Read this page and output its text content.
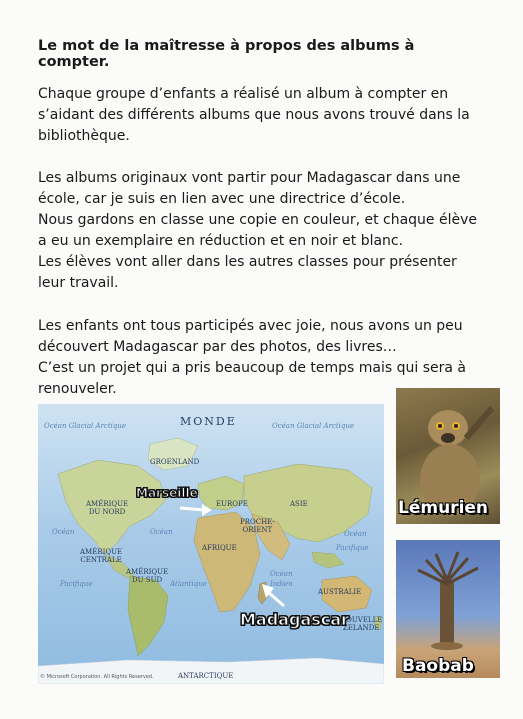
Le mot de la maîtresse à propos des albums à compter.
Chaque groupe d’enfants a réalisé un album à compter en
s’aidant des différents albums que nous avons trouvé dans la
bibliothèque.
Les albums originaux vont partir pour Madagascar dans une
école, car je suis en lien avec une directrice d’école.
Nous gardons en classe une copie en couleur, et chaque élève
a eu un exemplaire en réduction et en noir et blanc.
Les élèves vont aller dans les autres classes pour présenter
leur travail.
Les enfants ont tous participés avec joie, nous avons un peu
découvert Madagascar par des photos, des livres…
C’est un projet qui a pris beaucoup de temps mais qui sera à
renouveler.
Océan Glacial Arctique	MONDE	Océan Glacial Arctique
GROENLAND
AMÉRIQUE
DU NORD
EUROPE	ASIE
PROCHE-
ORIENT
Océan	Océan	Océan
Pacifique
AFRIQUE
AMÉRIQUE
CENTRALE
AMÉRIQUE
DU SUD
Océan
Pacifique	Atlantique	Indien
AUSTRALIE
NOUVELLE
ZELANDE
ANTARCTIQUE
Marseille
Madagascar
© Microsoft Corporation. All Rights Reserved.
Lémurien
Baobab
